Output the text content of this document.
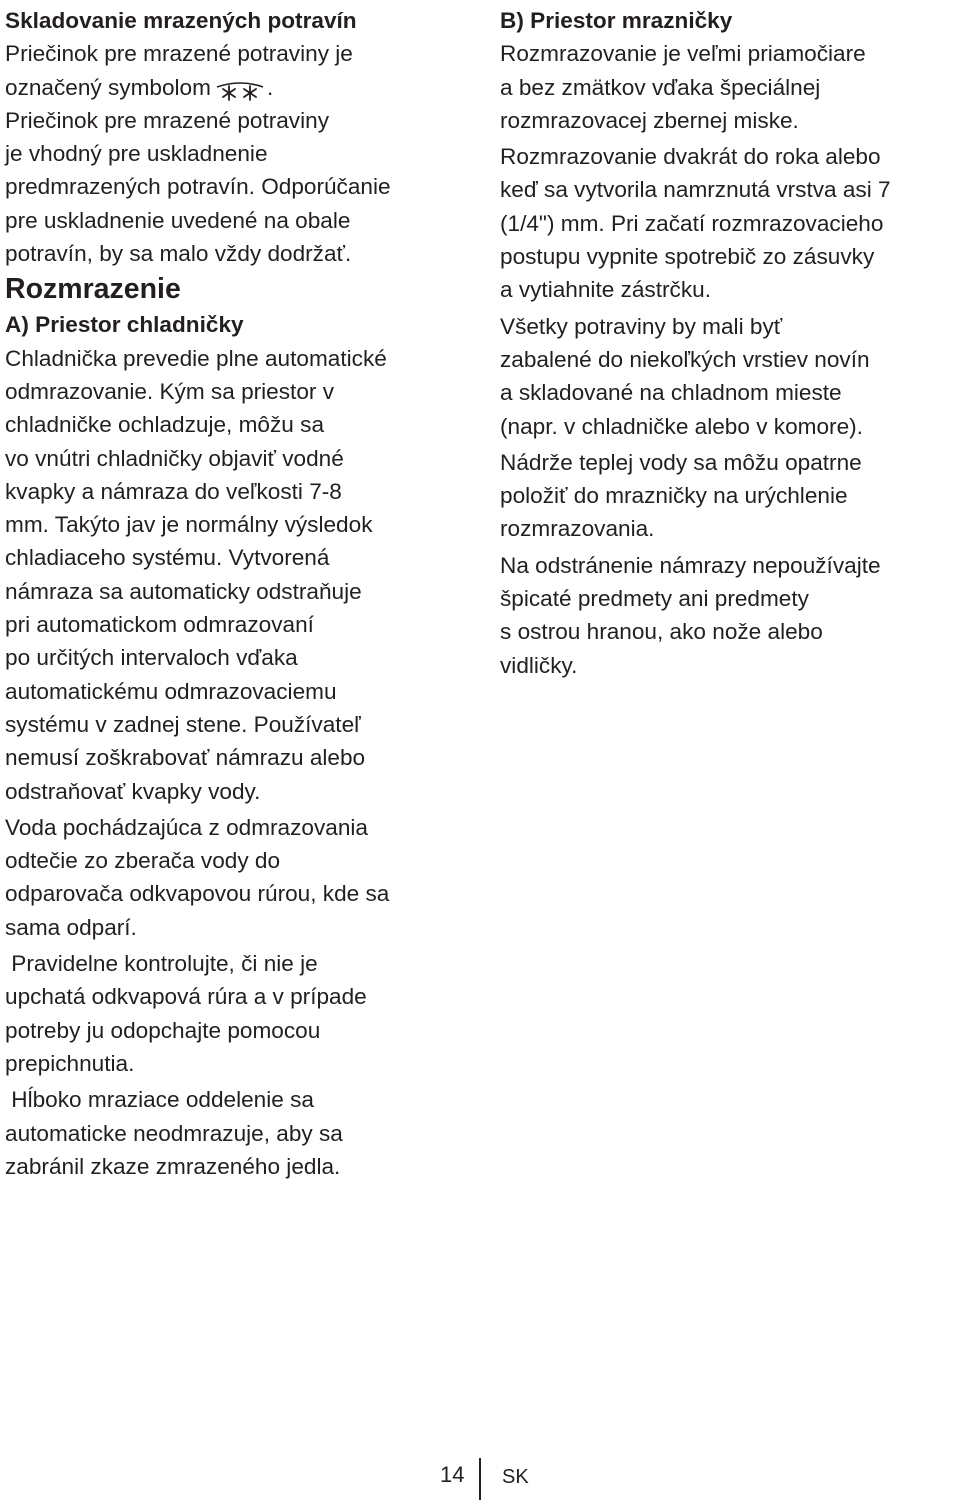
Skladovanie mrazených potravín

Priečinok pre mrazené potraviny je

označený symbolom .

Priečinok pre mrazené potraviny

je vhodný pre uskladnenie

predmrazených potravín. Odporúčanie

pre uskladnenie uvedené na obale

potravín, by sa malo vždy dodržať.

Rozmrazenie

A) Priestor chladničky

Chladnička prevedie plne automatické

odmrazovanie. Kým sa priestor v

chladničke ochladzuje, môžu sa

vo vnútri chladničky objaviť vodné

kvapky a námraza do veľkosti 7-8

mm. Takýto jav je normálny výsledok

chladiaceho systému. Vytvorená

námraza sa automaticky odstraňuje

pri automatickom odmrazovaní

po určitých intervaloch vďaka

automatickému odmrazovaciemu

systému v zadnej stene. Používateľ

nemusí zoškrabovať námrazu alebo

odstraňovať kvapky vody.

Voda pochádzajúca z odmrazovania

odtečie zo zberača vody do

odparovača odkvapovou rúrou, kde sa

sama odparí.

Pravidelne kontrolujte, či nie je

upchatá odkvapová rúra a v prípade

potreby ju odopchajte pomocou

prepichnutia.

Hĺboko mraziace oddelenie sa

automaticke neodmrazuje, aby sa

zabránil zkaze zmrazeného jedla.

B) Priestor mrazničky

Rozmrazovanie je veľmi priamočiare

a bez zmätkov vďaka špeciálnej

rozmrazovacej zbernej miske.

Rozmrazovanie dvakrát do roka alebo

keď sa vytvorila namrznutá vrstva asi 7

(1/4") mm. Pri začatí rozmrazovacieho

postupu vypnite spotrebič zo zásuvky

a vytiahnite zástrčku.

Všetky potraviny by mali byť

zabalené do niekoľkých vrstiev novín

a skladované na chladnom mieste

(napr. v chladničke alebo v komore).

Nádrže teplej vody sa môžu opatrne

položiť do mrazničky na urýchlenie

rozmrazovania.

Na odstránenie námrazy nepoužívajte

špicaté predmety ani predmety

s ostrou hranou, ako nože alebo

vidličky.

14 SK
